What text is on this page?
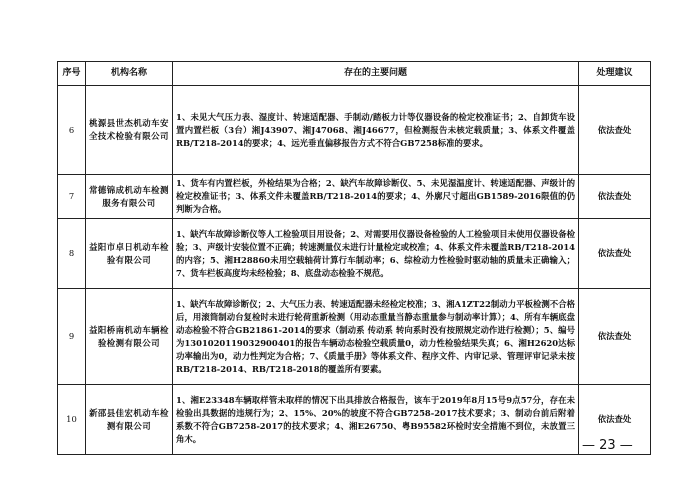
序号	机构名称	存在的主要问题	处理建议
6	桃源县世杰机动车安全技术检验有限公司	1、未见大气压力表、湿度计、转速适配器、手制动/踏板力计等仪器设备的检定校准证书；2、自卸货车设置内置栏板（3台）湘J43907、湘J47068、湘J46677，但检测报告未核定载质量；3、体系文件覆盖RB/T218-2014的要求；4、远光垂直偏移报告方式不符合GB7258标准的要求。	依法查处
7	常德锦成机动车检测服务有限公司	1、货车有内置栏板，外检结果为合格；2、缺汽车故障诊断仪、5、未见湿温度计、转速适配器、声级计的检定校准证书；3、体系文件未覆盖RB/T218-2014的要求；4、外廓尺寸超出GB1589-2016限值的仍判断为合格。	依法查处
8	益阳市卓日机动车检验有限公司	1、缺汽车故障诊断仪等人工检验项目用设备；2、对需要用仪器设备检验的人工检验项目未使用仪器设备检验；3、声级计安装位置不正确；转速测量仪未进行计量检定或校准；4、体系文件未覆盖RB/T218-2014的内容；5、湘H28860未用空载轴荷计算行车制动率；6、综检动力性检验时驱动轴的质量未正确输入；7、货车栏板高度均未经检验；8、底盘动态检验不规范。	依法查处
9	益阳桥南机动车辆检验检测有限公司	1、缺汽车故障诊断仪；2、大气压力表、转速适配器未经检定校准；3、湘A1ZT22制动力平板检测不合格后，用滚筒制动台复检时未进行轮荷重新检测（用动态重量当静态重量参与制动率计算）；4、所有车辆底盘动态检验不符合GB21861-2014的要求（制动系 传动系 转向系时没有按照规定动作进行检测）；5、编号为1301020119032900401的报告车辆动态检验空载质量0，动力性检验结果失真；6、湘H2620达标功率输出为0，动力性判定为合格；7、《质量手册》等体系文件、程序文件、内审记录、管理评审记录未按RB/T218-2014、RB/T218-2018的覆盖所有要素。	依法查处
10	新邵县佳宏机动车检测有限公司	1、湘E23348车辆取样管未取样的情况下出具排放合格报告，该车于2019年8月15号9点57分，存在未检验出具数据的违规行为；2、15%、20%的坡度不符合GB7258-2017技术要求；3、制动台前后附着系数不符合GB7258-2017的技术要求；4、湘E26750、粤B95582环检时安全措施不到位，未放置三角木。	依法查处
— 23 —
